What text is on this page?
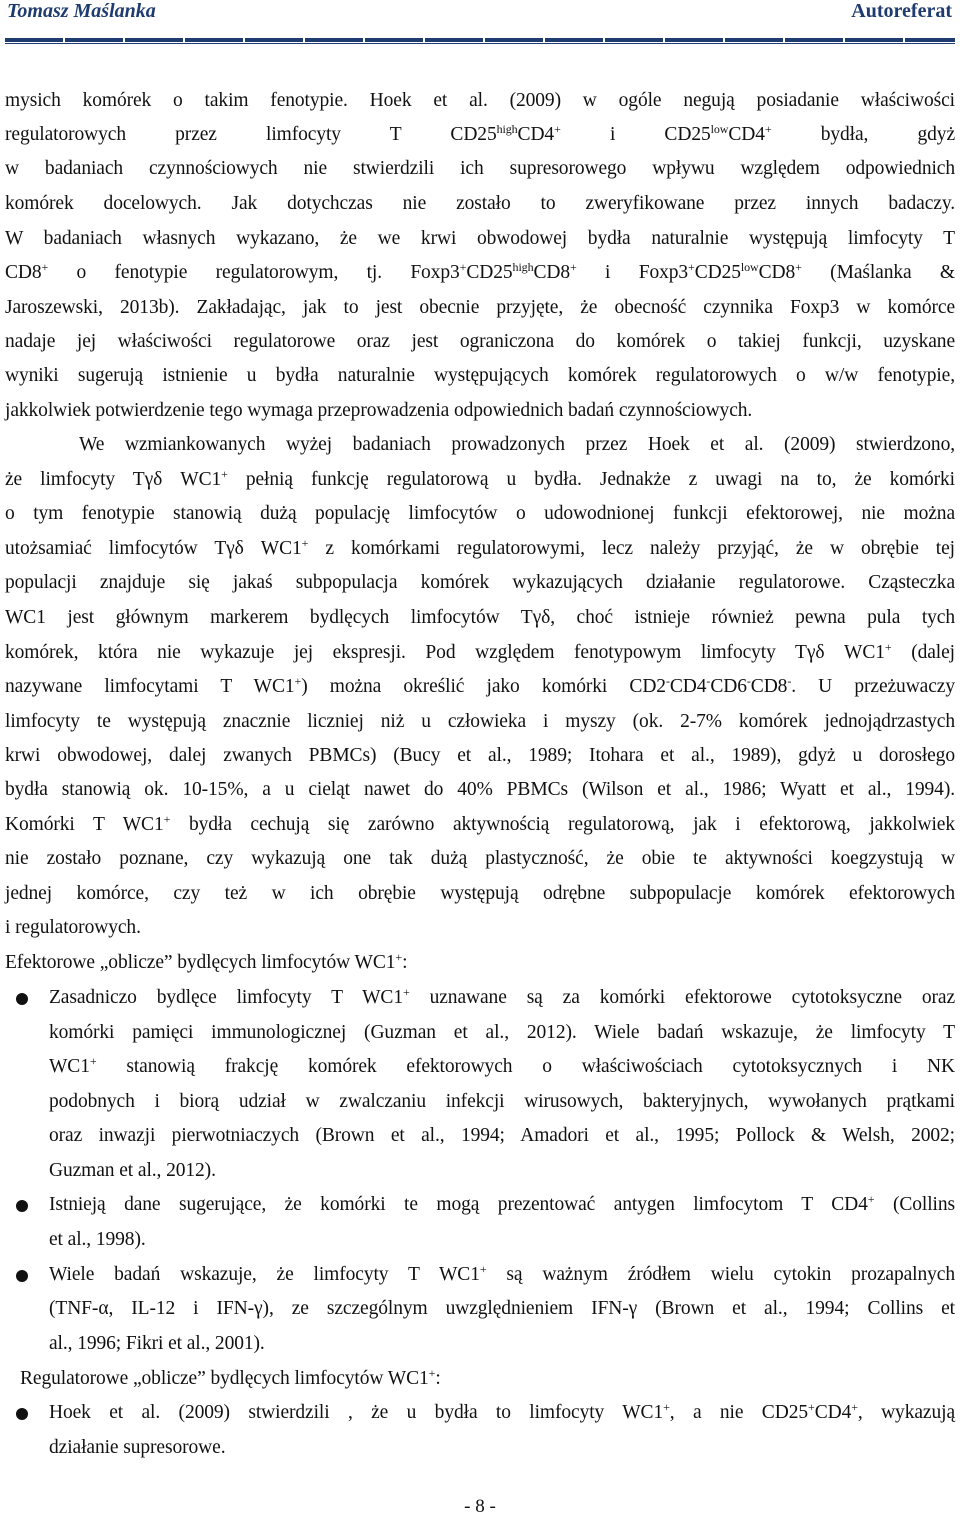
Tomasz Maślanka	Autoreferat
mysich komórek o takim fenotypie. Hoek et al. (2009) w ogóle negują posiadanie właściwości
regulatorowych przez limfocyty T $CD25^{high}CD4^+$ i $CD25^{low}CD4^+$ bydła, gdyż
w badaniach czynnościowych nie stwierdzili ich supresorowego wpływu względem odpowiednich
komórek docelowych. Jak dotychczas nie zostało to zweryfikowane przez innych badaczy.
W badaniach własnych wykazano, że we krwi obwodowej bydła naturalnie występują limfocyty T
CD8+ o fenotypie regulatorowym, tj. $Foxp3^+CD25^{high}CD8^+$ i $Foxp3^+CD25^{low}CD8^+$ (Maślanka &
Jaroszewski, 2013b). Zakładając, jak to jest obecnie przyjęte, że obecność czynnika Foxp3 w komórce
nadaje jej właściwości regulatorowe oraz jest ograniczona do komórek o takiej funkcji, uzyskane
wyniki sugerują istnienie u bydła naturalnie występujących komórek regulatorowych o w/w fenotypie,
jakkolwiek potwierdzenie tego wymaga przeprowadzenia odpowiednich badań czynnościowych.
We wzmiankowanych wyżej badaniach prowadzonych przez Hoek et al. (2009) stwierdzono,
że limfocyty Tγδ WC1+ pełnią funkcję regulatorową u bydła. Jednakże z uwagi na to, że komórki
o tym fenotypie stanowią dużą populację limfocytów o udowodnionej funkcji efektorowej, nie można
utożsamiać limfocytów Tγδ WC1+ z komórkami regulatorowymi, lecz należy przyjąć, że w obrębie tej
populacji znajduje się jakaś subpopulacja komórek wykazujących działanie regulatorowe. Cząsteczka
WC1 jest głównym markerem bydlęcych limfocytów Tγδ, choć istnieje również pewna pula tych
komórek, która nie wykazuje jej ekspresji. Pod względem fenotypowym limfocyty Tγδ WC1+ (dalej
nazywane limfocytami T WC1+) można określić jako komórki CD2-CD4-CD6-CD8-. U przeżuwaczy
limfocyty te występują znacznie liczniej niż u człowieka i myszy (ok. 2-7% komórek jednojądrzastych
krwi obwodowej, dalej zwanych PBMCs) (Bucy et al., 1989; Itohara et al., 1989), gdyż u dorosłego
bydła stanowią ok. 10-15%, a u cieląt nawet do 40% PBMCs (Wilson et al., 1986; Wyatt et al., 1994).
Komórki T WC1+ bydła cechują się zarówno aktywnością regulatorową, jak i efektorową, jakkolwiek
nie zostało poznane, czy wykazują one tak dużą plastyczność, że obie te aktywności koegzystują w
jednej komórce, czy też w ich obrębie występują odrębne subpopulacje komórek efektorowych
i regulatorowych.
Efektorowe „oblicze” bydlęcych limfocytów WC1+:
Zasadniczo bydlęce limfocyty T WC1+ uznawane są za komórki efektorowe cytotoksyczne oraz
komórki pamięci immunologicznej (Guzman et al., 2012). Wiele badań wskazuje, że limfocyty T
WC1+ stanowią frakcję komórek efektorowych o właściwościach cytotoksycznych i NK
podobnych i biorą udział w zwalczaniu infekcji wirusowych, bakteryjnych, wywołanych prątkami
oraz inwazji pierwotniaczych (Brown et al., 1994; Amadori et al., 1995; Pollock & Welsh, 2002;
Guzman et al., 2012).
Istnieją dane sugerujące, że komórki te mogą prezentować antygen limfocytom T CD4+ (Collins
et al., 1998).
Wiele badań wskazuje, że limfocyty T WC1+ są ważnym źródłem wielu cytokin prozapalnych
(TNF-α, IL-12 i IFN-γ), ze szczególnym uwzględnieniem IFN-γ (Brown et al., 1994; Collins et
al., 1996; Fikri et al., 2001).
Regulatorowe „oblicze” bydlęcych limfocytów WC1+:
Hoek et al. (2009) stwierdzili , że u bydła to limfocyty WC1+, a nie CD25+CD4+, wykazują
działanie supresorowe.
- 8 -
